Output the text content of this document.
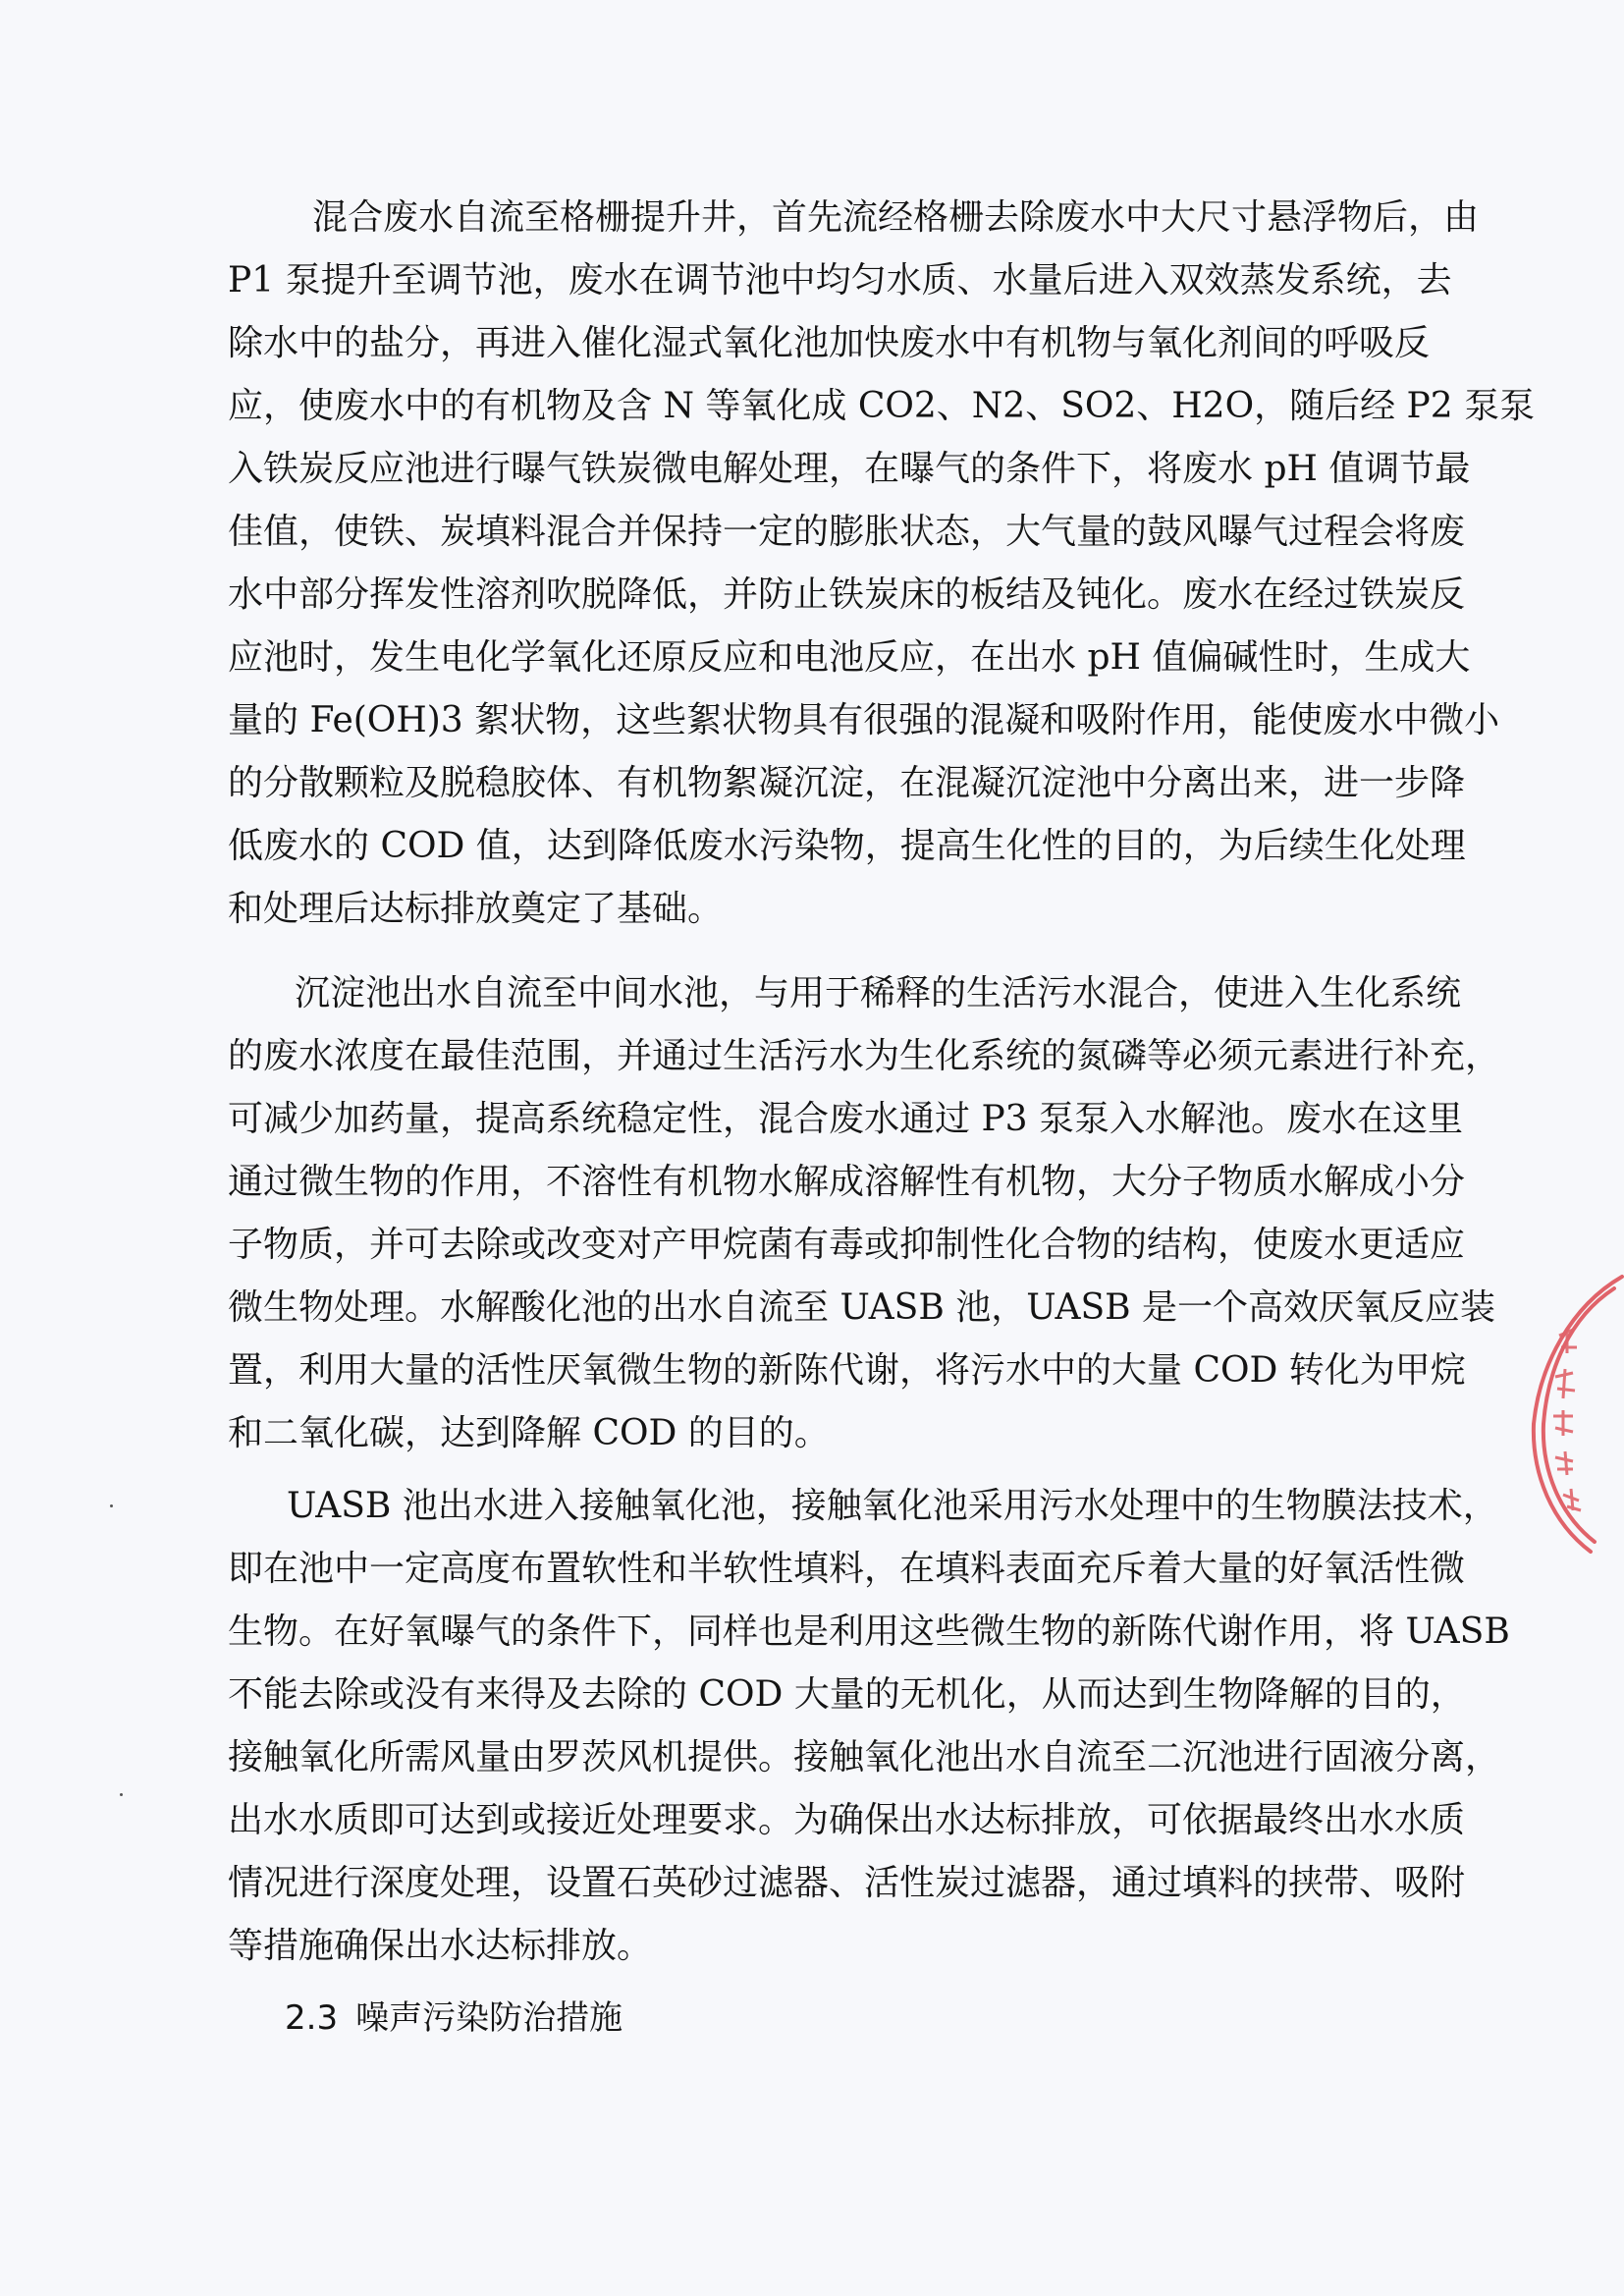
混合废水自流至格栅提升井，首先流经格栅去除废水中大尺寸悬浮物后，由
P1 泵提升至调节池，废水在调节池中均匀水质、水量后进入双效蒸发系统，去
除水中的盐分，再进入催化湿式氧化池加快废水中有机物与氧化剂间的呼吸反
应，使废水中的有机物及含 N 等氧化成 CO2、N2、SO2、H2O，随后经 P2 泵泵
入铁炭反应池进行曝气铁炭微电解处理，在曝气的条件下，将废水 pH 值调节最
佳值，使铁、炭填料混合并保持一定的膨胀状态，大气量的鼓风曝气过程会将废
水中部分挥发性溶剂吹脱降低，并防止铁炭床的板结及钝化。废水在经过铁炭反
应池时，发生电化学氧化还原反应和电池反应，在出水 pH 值偏碱性时，生成大
量的 Fe(OH)3 絮状物，这些絮状物具有很强的混凝和吸附作用，能使废水中微小
的分散颗粒及脱稳胶体、有机物絮凝沉淀，在混凝沉淀池中分离出来，进一步降
低废水的 COD 值，达到降低废水污染物，提高生化性的目的，为后续生化处理
和处理后达标排放奠定了基础。
沉淀池出水自流至中间水池，与用于稀释的生活污水混合，使进入生化系统
的废水浓度在最佳范围，并通过生活污水为生化系统的氮磷等必须元素进行补充，
可减少加药量，提高系统稳定性，混合废水通过 P3 泵泵入水解池。废水在这里
通过微生物的作用，不溶性有机物水解成溶解性有机物，大分子物质水解成小分
子物质，并可去除或改变对产甲烷菌有毒或抑制性化合物的结构，使废水更适应
微生物处理。水解酸化池的出水自流至 UASB 池，UASB 是一个高效厌氧反应装
置，利用大量的活性厌氧微生物的新陈代谢，将污水中的大量 COD 转化为甲烷
和二氧化碳，达到降解 COD 的目的。
UASB 池出水进入接触氧化池，接触氧化池采用污水处理中的生物膜法技术，
即在池中一定高度布置软性和半软性填料，在填料表面充斥着大量的好氧活性微
生物。在好氧曝气的条件下，同样也是利用这些微生物的新陈代谢作用，将 UASB
不能去除或没有来得及去除的 COD 大量的无机化，从而达到生物降解的目的，
接触氧化所需风量由罗茨风机提供。接触氧化池出水自流至二沉池进行固液分离，
出水水质即可达到或接近处理要求。为确保出水达标排放，可依据最终出水水质
情况进行深度处理，设置石英砂过滤器、活性炭过滤器，通过填料的挟带、吸附
等措施确保出水达标排放。
2.3 噪声污染防治措施
